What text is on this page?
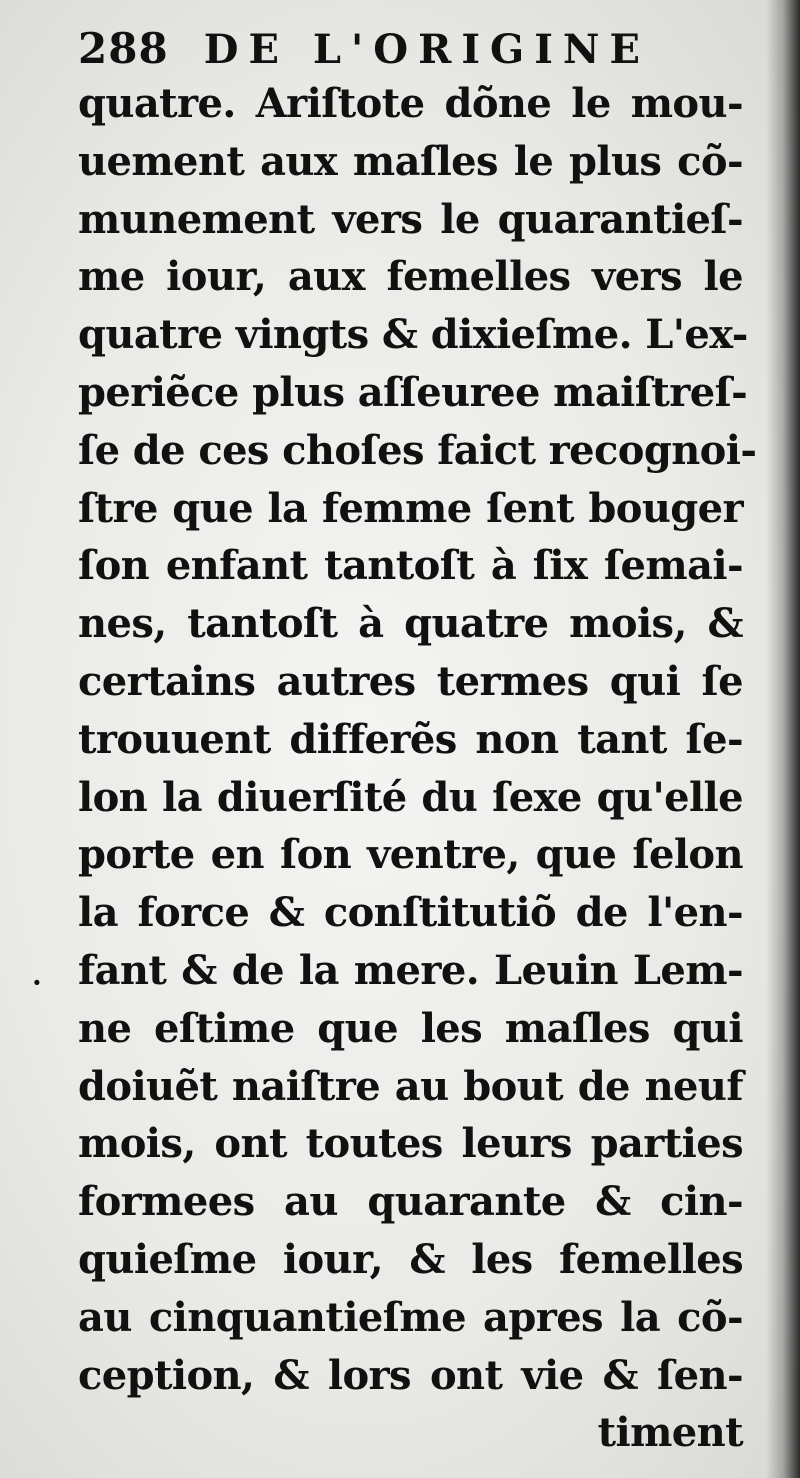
288 DE L'ORIGINE
·
quatre. Ariſtote dõne le mou-
uement aux maſles le plus cõ-
munement vers le quarantieſ-
me iour, aux femelles vers le
quatre vingts & dixieſme. L'ex-
periẽce plus aſſeuree maiſtreſ-
ſe de ces choſes faict recognoi-
ſtre que la femme ſent bouger
ſon enfant tantoſt à ſix ſemai-
nes, tantoſt à quatre mois, &
certains autres termes qui ſe
trouuent differẽs non tant ſe-
lon la diuerſité du ſexe qu'elle
porte en ſon ventre, que ſelon
la force & conſtitutiõ de l'en-
fant & de la mere. Leuin Lem-
ne eſtime que les maſles qui
doiuẽt naiſtre au bout de neuf
mois, ont toutes leurs parties
formees au quarante & cin-
quieſme iour, & les femelles
au cinquantieſme apres la cõ-
ception, & lors ont vie & ſen-
timent
